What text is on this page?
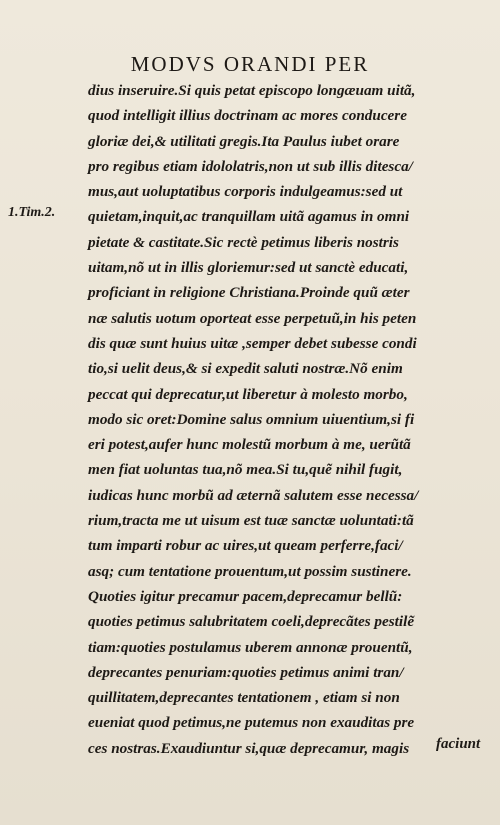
MODVS ORANDI PER
1.Tim.2.
dius inseruire.Si quis petat episcopo longæuam uitã,
quod intelligit illius doctrinam ac mores conducere
gloriæ dei,& utilitati gregis.Ita Paulus iubet orare
pro regibus etiam idololatris,non ut sub illis ditesca/
mus,aut uoluptatibus corporis indulgeamus:sed ut
quietam,inquit,ac tranquillam uitã agamus in omni
pietate & castitate.Sic rectè petimus liberis nostris
uitam,nõ ut in illis gloriemur:sed ut sanctè educati,
proficiant in religione Christiana.Proinde quũ æter
næ salutis uotum oporteat esse perpetuũ,in his peten
dis quæ sunt huius uitæ ,semper debet subesse condi
tio,si uelit deus,& si expedit saluti nostræ.Nõ enim
peccat qui deprecatur,ut liberetur à molesto morbo,
modo sic oret:Domine salus omnium uiuentium,si fi
eri potest,aufer hunc molestũ morbum à me, uerũtã
men fiat uoluntas tua,nõ mea.Si tu,quẽ nihil fugit,
iudicas hunc morbũ ad æternã salutem esse necessa/
rium,tracta me ut uisum est tuæ sanctæ uoluntati:tã
tum imparti robur ac uires,ut queam perferre,faci/
asq; cum tentatione prouentum,ut possim sustinere.
Quoties igitur precamur pacem,deprecamur bellũ:
quoties petimus salubritatem coeli,deprecãtes pestilẽ
tiam:quoties postulamus uberem annonæ prouentũ,
deprecantes penuriam:quoties petimus animi tran/
quillitatem,deprecantes tentationem , etiam si non
eueniat quod petimus,ne putemus non exauditas pre
ces nostras.Exaudiuntur si,quæ deprecamur, magis	faciunt
